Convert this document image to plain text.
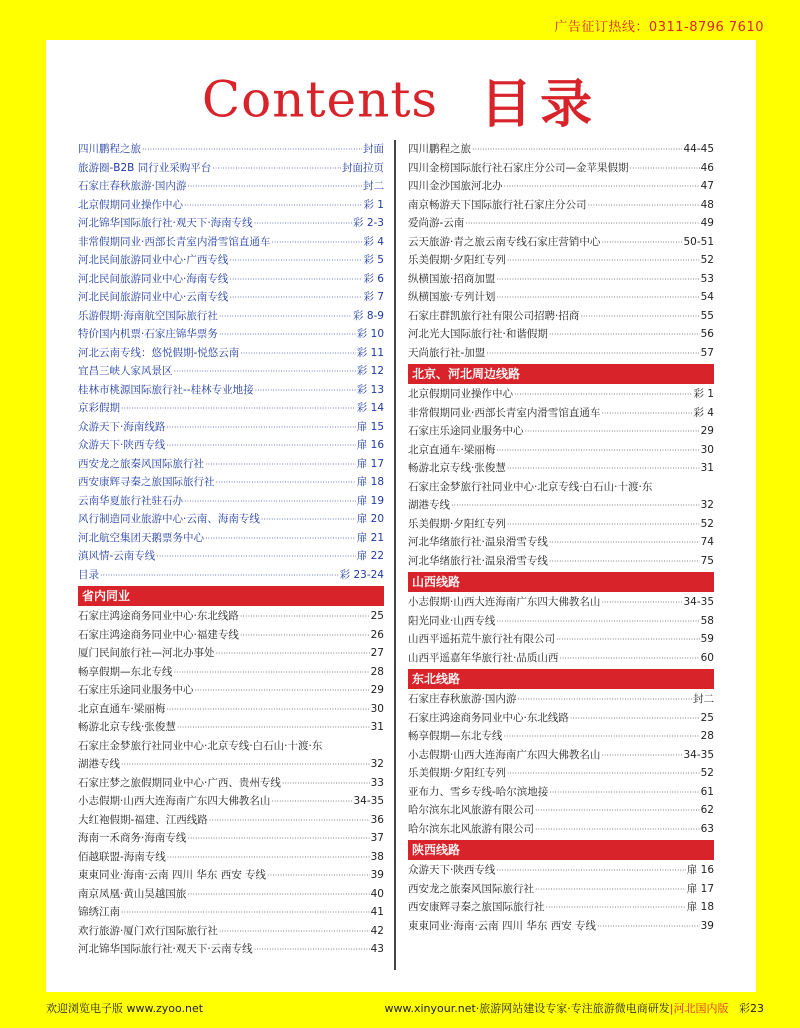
广告征订热线：0311-8796 7610
Contents 目录
四川鹏程之旅 ·····	封面
旅游圈-B2B 同行业采购平台 ·····	封面拉页
石家庄春秋旅游·国内游 ·····	封二
北京假期同业操作中心 ·····	彩 1
河北锦华国际旅行社·观天下·海南专线 ·····	彩 2-3
非常假期同业·西部长青室内滑雪馆直通车 ·····	彩 4
河北民间旅游同业中心·广西专线 ·····	彩 5
河北民间旅游同业中心·海南专线 ·····	彩 6
河北民间旅游同业中心·云南专线 ·····	彩 7
乐游假期·海南航空国际旅行社 ·····	彩 8-9
特价国内机票·石家庄锦华票务 ·····	彩 10
河北云南专线：悠悦假期-悦悠云南 ·····	彩 11
宜昌三峡人家风景区 ·····	彩 12
桂林市桃源国际旅行社--桂林专业地接 ·····	彩 13
京彩假期 ·····	彩 14
众游天下·海南线路 ·····	扉 15
众游天下·陕西专线 ·····	扉 16
西安龙之旅秦风国际旅行社 ·····	扉 17
西安康辉寻秦之旅国际旅行社 ·····	扉 18
云南华夏旅行社驻石办 ·····	扉 19
风行制造同业旅游中心·云南、海南专线 ·····	扉 20
河北航空集团天鹅票务中心 ·····	扉 21
滇风情-云南专线 ·····	扉 22
目录 ·····	彩 23-24
省内同业
石家庄鸿途商务同业中心·东北线路 ·····	25
石家庄鸿途商务同业中心·福建专线 ·····	26
厦门民间旅行社—河北办事处 ·····	27
畅享假期—东北专线 ·····	28
石家庄乐途同业服务中心 ·····	29
北京直通车·梁丽梅 ·····	30
畅游北京专线·张俊慧 ·····	31
石家庄金梦旅行社同业中心·北京专线·白石山·十渡·东
湖港专线 ·····	32
石家庄梦之旅假期同业中心·广西、贵州专线 ·····	33
小志假期·山西大连海南广东四大佛教名山 ·····	34-35
大红袍假期-福建、江西线路 ·····	36
海南一禾商务·海南专线 ·····	37
佰越联盟-海南专线 ·····	38
東東同业·海南·云南 四川 华东 西安 专线 ·····	39
南京凤凰·黄山昊越国旅 ·····	40
锦绣江南 ·····	41
欢行旅游·厦门欢行国际旅行社 ·····	42
河北锦华国际旅行社·观天下·云南专线 ·····	43
四川鹏程之旅 ·····	44-45
四川金榜国际旅行社石家庄分公司—金苹果假期 ·····	46
四川金沙国旅河北办 ·····	47
南京畅游天下国际旅行社石家庄分公司 ·····	48
爱尚游-云南 ·····	49
云天旅游·青之旅云南专线石家庄营销中心 ·····	50-51
乐美假期·夕阳红专列 ·····	52
纵横国旅·招商加盟 ·····	53
纵横国旅·专列计划 ·····	54
石家庄群凯旅行社有限公司招聘·招商 ·····	55
河北光大国际旅行社·和谐假期 ·····	56
天尚旅行社-加盟 ·····	57
北京、河北周边线路
北京假期同业操作中心 ·····	彩 1
非常假期同业·西部长青室内滑雪馆直通车 ·····	彩 4
石家庄乐途同业服务中心 ·····	29
北京直通车·梁丽梅 ·····	30
畅游北京专线·张俊慧 ·····	31
石家庄金梦旅行社同业中心·北京专线·白石山·十渡·东
湖港专线 ·····	32
乐美假期·夕阳红专列 ·····	52
河北华绪旅行社·温泉滑雪专线 ·····	74
河北华绪旅行社·温泉滑雪专线 ·····	75
山西线路
小志假期·山西大连海南广东四大佛教名山 ·····	34-35
阳光同业·山西专线 ·····	58
山西平遥拓荒牛旅行社有限公司 ·····	59
山西平遥嘉年华旅行社·品质山西 ·····	60
东北线路
石家庄春秋旅游·国内游 ·····	封二
石家庄鸿途商务同业中心·东北线路 ·····	25
畅享假期—东北专线 ·····	28
小志假期·山西大连海南广东四大佛教名山 ·····	34-35
乐美假期·夕阳红专列 ·····	52
亚布力、雪乡专线-哈尔滨地接 ·····	61
哈尔滨东北风旅游有限公司 ·····	62
哈尔滨东北风旅游有限公司 ·····	63
陕西线路
众游天下·陕西专线 ·····	扉 16
西安龙之旅秦风国际旅行社 ·····	扉 17
西安康辉寻秦之旅国际旅行社 ·····	扉 18
東東同业·海南·云南 四川 华东 西安 专线 ·····	39
欢迎浏览电子版 www.zyoo.net	www.xinyour.net·旅游网站建设专家·专注旅游微电商研发|河北国内版 彩23
